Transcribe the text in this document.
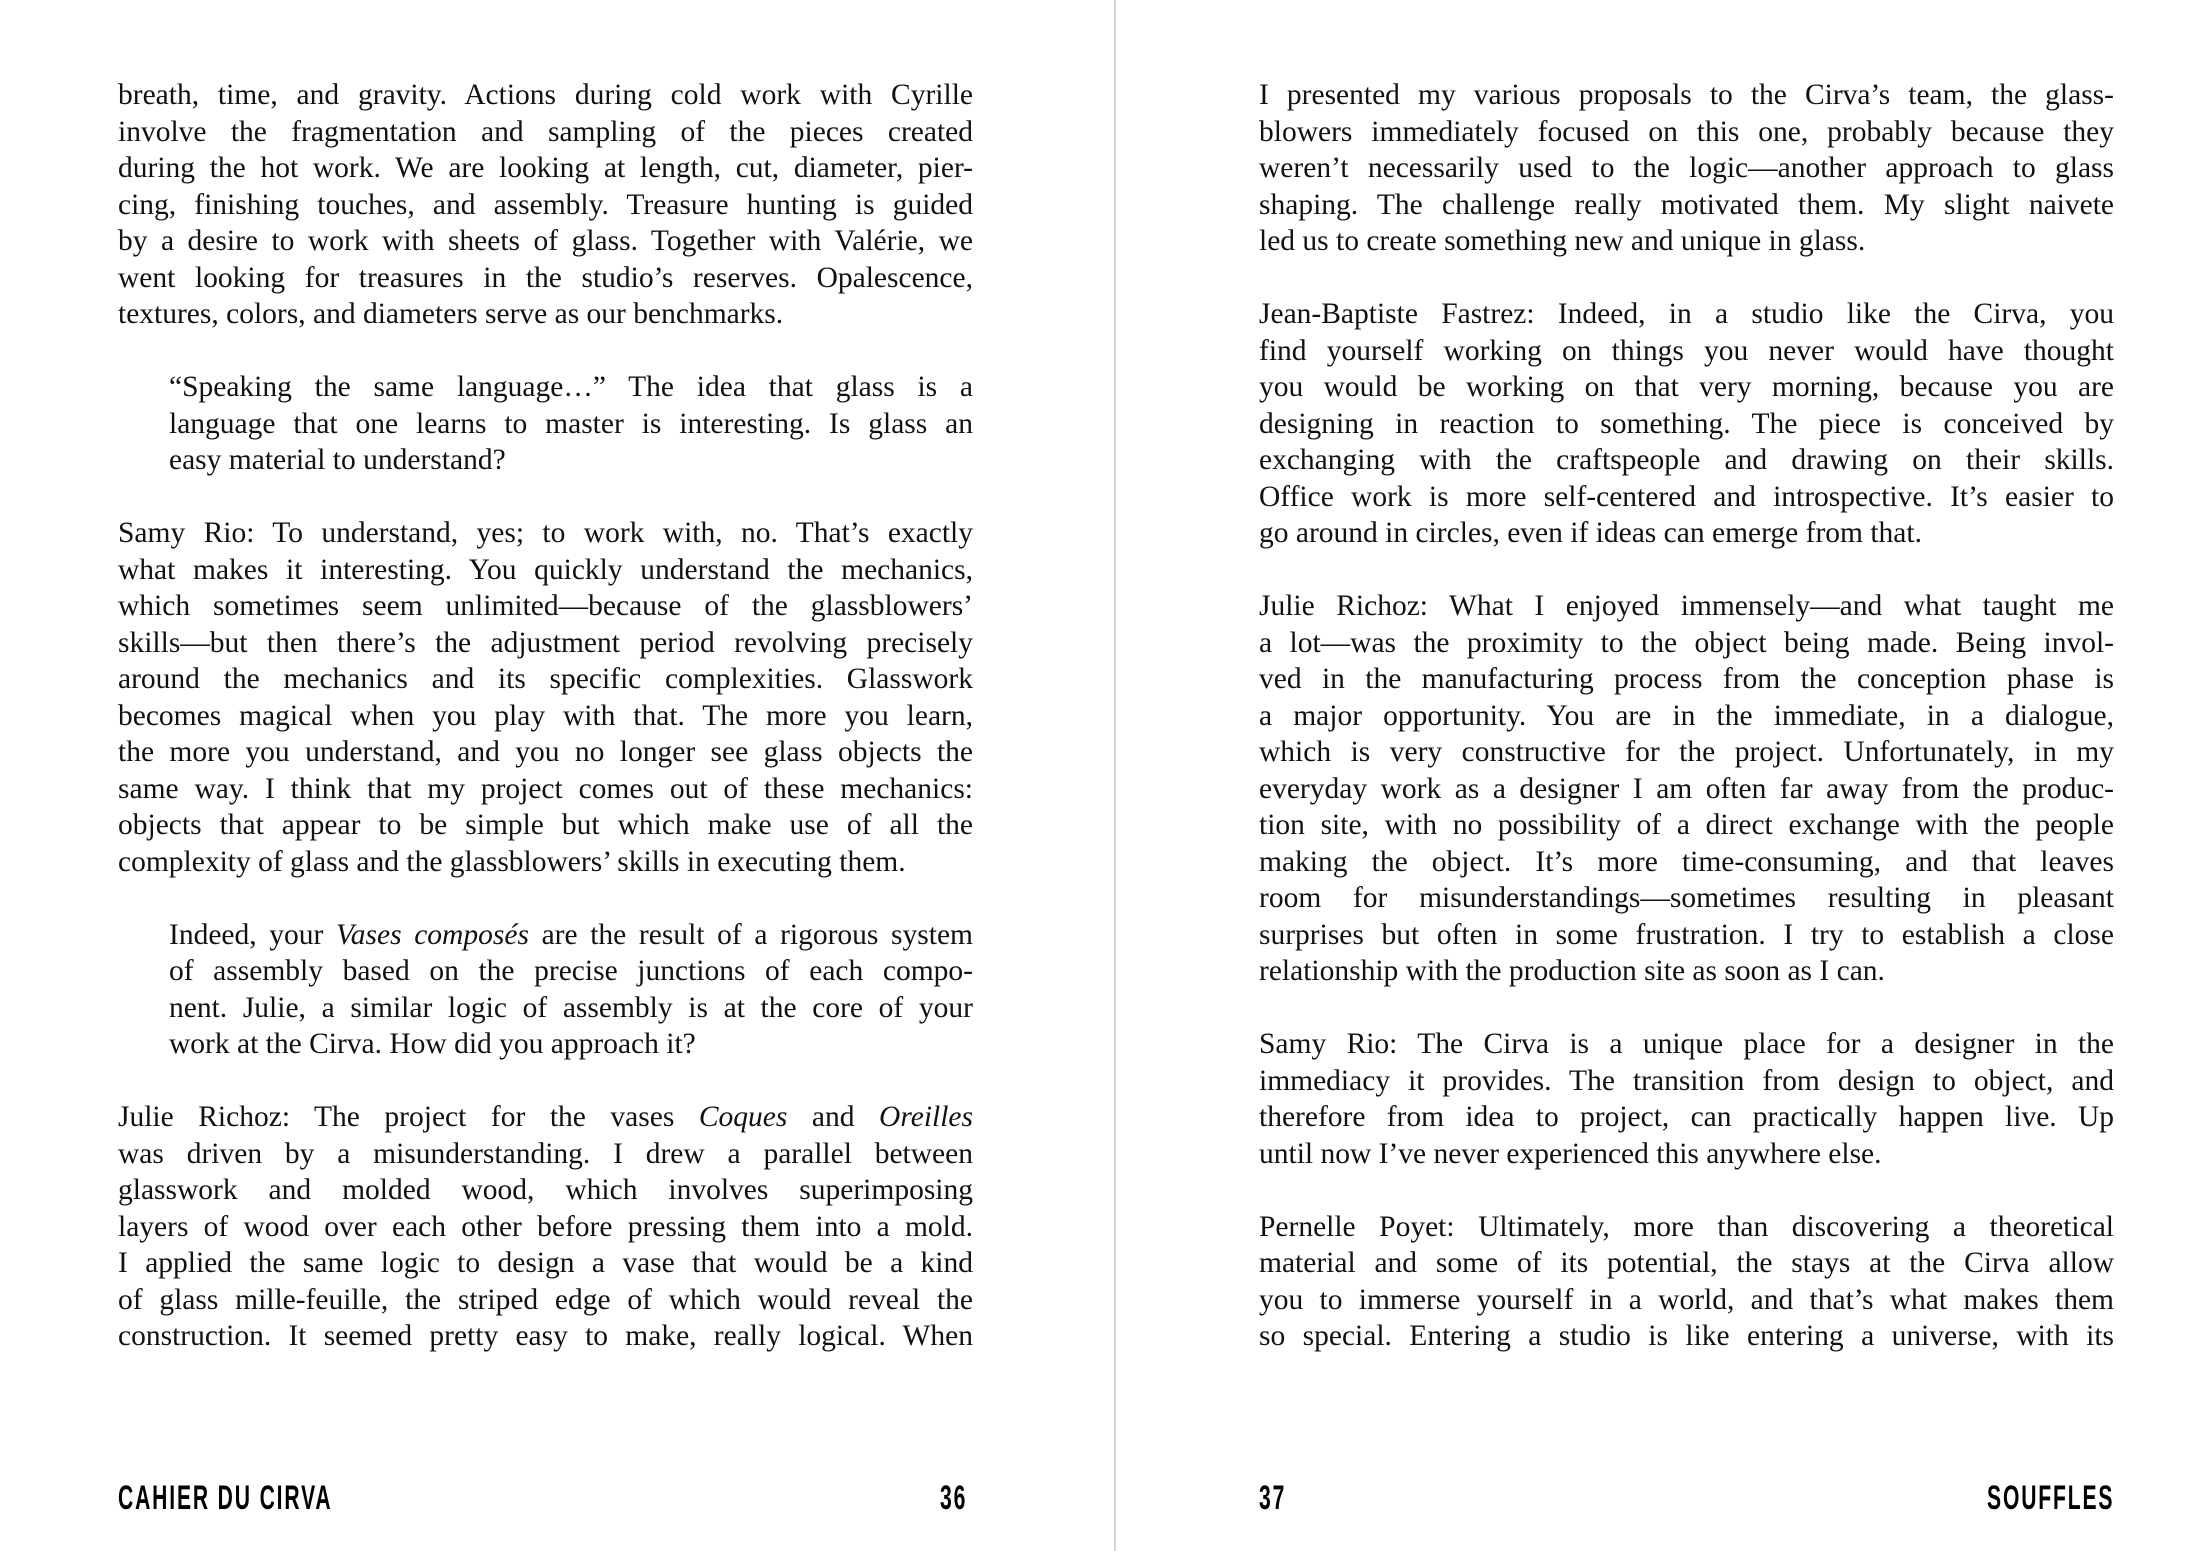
breath, time, and gravity. Actions during cold work with Cyrille
involve the fragmentation and sampling of the pieces created
during the hot work. We are looking at length, cut, diameter, pier-
cing, finishing touches, and assembly. Treasure hunting is guided
by a desire to work with sheets of glass. Together with Valérie, we
went looking for treasures in the studio’s reserves. Opalescence,
textures, colors, and diameters serve as our benchmarks.
“Speaking the same language…” The idea that glass is a
language that one learns to master is interesting. Is glass an
easy material to understand?
Samy Rio: To understand, yes; to work with, no. That’s exactly
what makes it interesting. You quickly understand the mechanics,
which sometimes seem unlimited—because of the glassblowers’
skills—but then there’s the adjustment period revolving precisely
around the mechanics and its specific complexities. Glasswork
becomes magical when you play with that. The more you learn,
the more you understand, and you no longer see glass objects the
same way. I think that my project comes out of these mechanics:
objects that appear to be simple but which make use of all the
complexity of glass and the glassblowers’ skills in executing them.
Indeed, your Vases composés are the result of a rigorous system
of assembly based on the precise junctions of each compo-
nent. Julie, a similar logic of assembly is at the core of your
work at the Cirva. How did you approach it?
Julie Richoz: The project for the vases Coques and Oreilles
was driven by a misunderstanding. I drew a parallel between
glasswork and molded wood, which involves superimposing
layers of wood over each other before pressing them into a mold.
I applied the same logic to design a vase that would be a kind
of glass mille-feuille, the striped edge of which would reveal the
construction. It seemed pretty easy to make, really logical. When
I presented my various proposals to the Cirva’s team, the glass-
blowers immediately focused on this one, probably because they
weren’t necessarily used to the logic—another approach to glass
shaping. The challenge really motivated them. My slight naivete
led us to create something new and unique in glass.
Jean-Baptiste Fastrez: Indeed, in a studio like the Cirva, you
find yourself working on things you never would have thought
you would be working on that very morning, because you are
designing in reaction to something. The piece is conceived by
exchanging with the craftspeople and drawing on their skills.
Office work is more self-centered and introspective. It’s easier to
go around in circles, even if ideas can emerge from that.
Julie Richoz: What I enjoyed immensely—and what taught me
a lot—was the proximity to the object being made. Being invol-
ved in the manufacturing process from the conception phase is
a major opportunity. You are in the immediate, in a dialogue,
which is very constructive for the project. Unfortunately, in my
everyday work as a designer I am often far away from the produc-
tion site, with no possibility of a direct exchange with the people
making the object. It’s more time-consuming, and that leaves
room for misunderstandings—sometimes resulting in pleasant
surprises but often in some frustration. I try to establish a close
relationship with the production site as soon as I can.
Samy Rio: The Cirva is a unique place for a designer in the
immediacy it provides. The transition from design to object, and
therefore from idea to project, can practically happen live. Up
until now I’ve never experienced this anywhere else.
Pernelle Poyet: Ultimately, more than discovering a theoretical
material and some of its potential, the stays at the Cirva allow
you to immerse yourself in a world, and that’s what makes them
so special. Entering a studio is like entering a universe, with its
CAHIER DU CIRVA	36	37	SOUFFLES
